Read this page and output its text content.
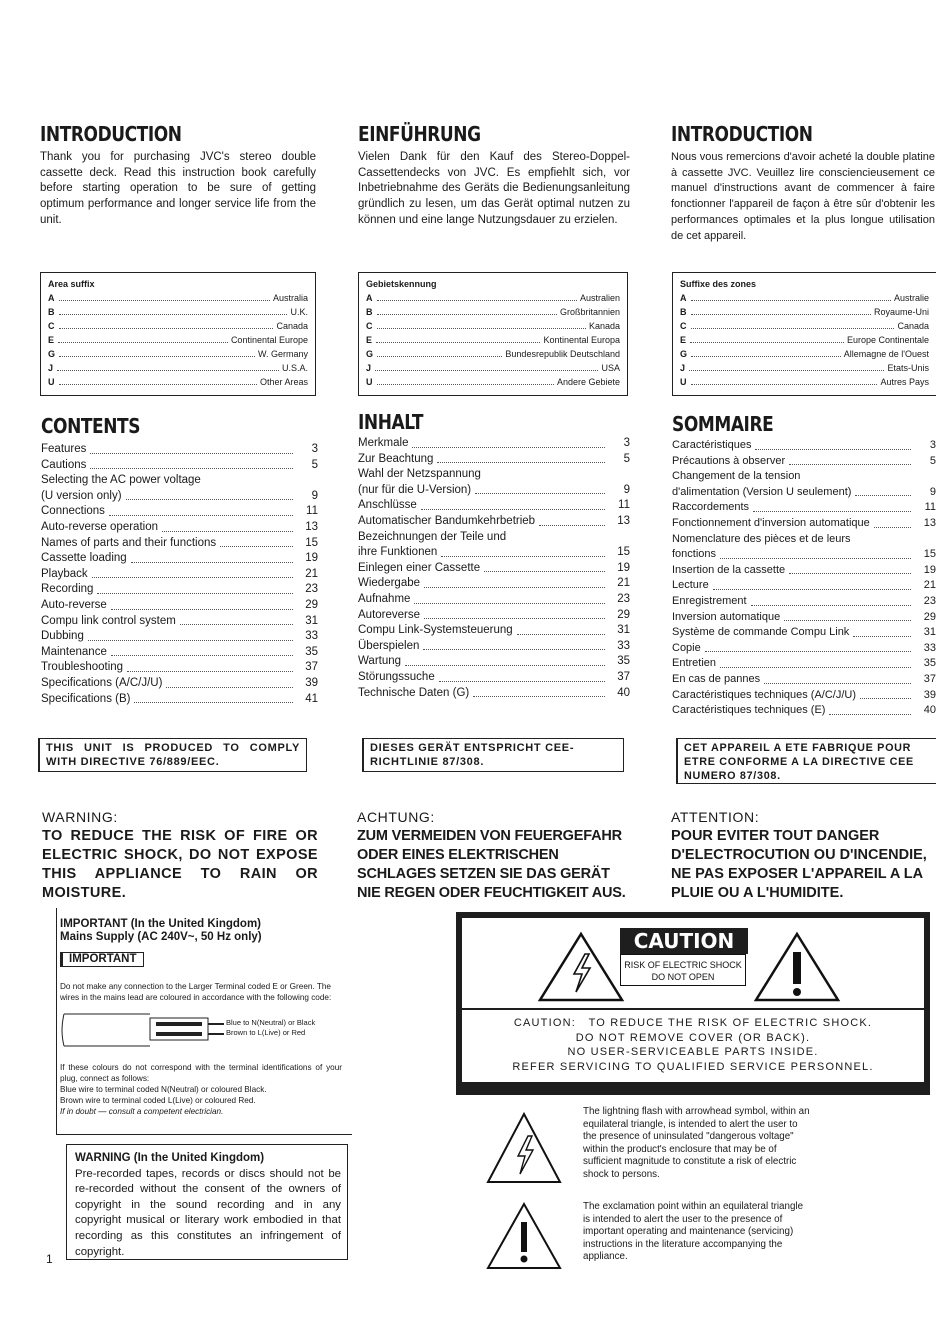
INTRODUCTION

Thank you for purchasing JVC's stereo double cassette deck. Read this instruction book carefully before starting operation to be sure of getting optimum performance and longer service life from the unit.

Area suffix
A	Australia
B	U.K.
C	Canada
E	Continental Europe
G	W. Germany
J	U.S.A.
U	Other Areas
CONTENTS
Features	3
Cautions	5
Selecting the AC power voltage
(U version only)	9
Connections	11
Auto-reverse operation	13
Names of parts and their functions	15
Cassette loading	19
Playback	21
Recording	23
Auto-reverse	29
Compu link control system	31
Dubbing	33
Maintenance	35
Troubleshooting	37
Specifications (A/C/J/U)	39
Specifications (B)	41
THIS UNIT IS PRODUCED TO COMPLY WITH DIRECTIVE 76/889/EEC.
WARNING:
TO REDUCE THE RISK OF FIRE OR ELECTRIC SHOCK, DO NOT EXPOSE THIS APPLIANCE TO RAIN OR MOISTURE.
EINFÜHRUNG

Vielen Dank für den Kauf des Stereo-Doppel-Cassettendecks von JVC. Es empfiehlt sich, vor Inbetriebnahme des Geräts die Bedienungsanleitung gründlich zu lesen, um das Gerät optimal nutzen zu können und eine lange Nutzungsdauer zu erzielen.

Gebietskennung
A	Australien
B	Großbritannien
C	Kanada
E	Kontinental Europa
G	Bundesrepublik Deutschland
J	USA
U	Andere Gebiete
INHALT
Merkmale	3
Zur Beachtung	5
Wahl der Netzspannung
(nur für die U-Version)	9
Anschlüsse	11
Automatischer Bandumkehrbetrieb	13
Bezeichnungen der Teile und
ihre Funktionen	15
Einlegen einer Cassette	19
Wiedergabe	21
Aufnahme	23
Autoreverse	29
Compu Link-Systemsteuerung	31
Überspielen	33
Wartung	35
Störungssuche	37
Technische Daten (G)	40
DIESES GERÄT ENTSPRICHT CEE-RICHTLINIE 87/308.
ACHTUNG:
ZUM VERMEIDEN VON FEUERGEFAHR ODER EINES ELEKTRISCHEN SCHLAGES SETZEN SIE DAS GERÄT NIE REGEN ODER FEUCHTIGKEIT AUS.
INTRODUCTION

Nous vous remercions d'avoir acheté la double platine à cassette JVC. Veuillez lire consciencieusement ce manuel d'instructions avant de commencer à faire fonctionner l'appareil de façon à être sûr d'obtenir les performances optimales et la plus longue utilisation de cet appareil.

Suffixe des zones
A	Australie
B	Royaume-Uni
C	Canada
E	Europe Continentale
G	Allemagne de l'Ouest
J	Etats-Unis
U	Autres Pays
SOMMAIRE
Caractéristiques	3
Précautions à observer	5
Changement de la tension
d'alimentation (Version U seulement)	9
Raccordements	11
Fonctionnement d'inversion automatique	13
Nomenclature des pièces et de leurs
fonctions	15
Insertion de la cassette	19
Lecture	21
Enregistrement	23
Inversion automatique	29
Système de commande Compu Link	31
Copie	33
Entretien	35
En cas de pannes	37
Caractéristiques techniques (A/C/J/U)	39
Caractéristiques techniques (E)	40
CET APPAREIL A ETE FABRIQUE POUR ETRE CONFORME A LA DIRECTIVE CEE NUMERO 87/308.
ATTENTION:
POUR EVITER TOUT DANGER D'ELECTROCUTION OU D'INCENDIE, NE PAS EXPOSER L'APPAREIL A LA PLUIE OU A L'HUMIDITE.
IMPORTANT (In the United Kingdom)
Mains Supply (AC 240V~, 50 Hz only)
IMPORTANT
Do not make any connection to the Larger Terminal coded E or Green. The wires in the mains lead are coloured in accordance with the following code:
Blue to N(Neutral) or Black
Brown to L(Live) or Red
If these colours do not correspond with the terminal identifications of your plug, connect as follows:
Blue wire to terminal coded N(Neutral) or coloured Black.
Brown wire to terminal coded L(Live) or coloured Red.
If in doubt — consult a competent electrician.
WARNING (In the United Kingdom)
Pre-recorded tapes, records or discs should not be re-recorded without the consent of the owners of copyright in the sound recording and in any copyright musical or literary work embodied in that recording as this constitutes an infringement of copyright.
1
CAUTION
RISK OF ELECTRIC SHOCK
DO NOT OPEN
CAUTION:   TO REDUCE THE RISK OF ELECTRIC SHOCK.
DO NOT REMOVE COVER (OR BACK).
NO USER-SERVICEABLE PARTS INSIDE.
REFER SERVICING TO QUALIFIED SERVICE PERSONNEL.
The lightning flash with arrowhead symbol, within an equilateral triangle, is intended to alert the user to the presence of uninsulated "dangerous voltage" within the product's enclosure that may be of sufficient magnitude to constitute a risk of electric shock to persons.
The exclamation point within an equilateral triangle is intended to alert the user to the presence of important operating and maintenance (servicing) instructions in the literature accompanying the appliance.
